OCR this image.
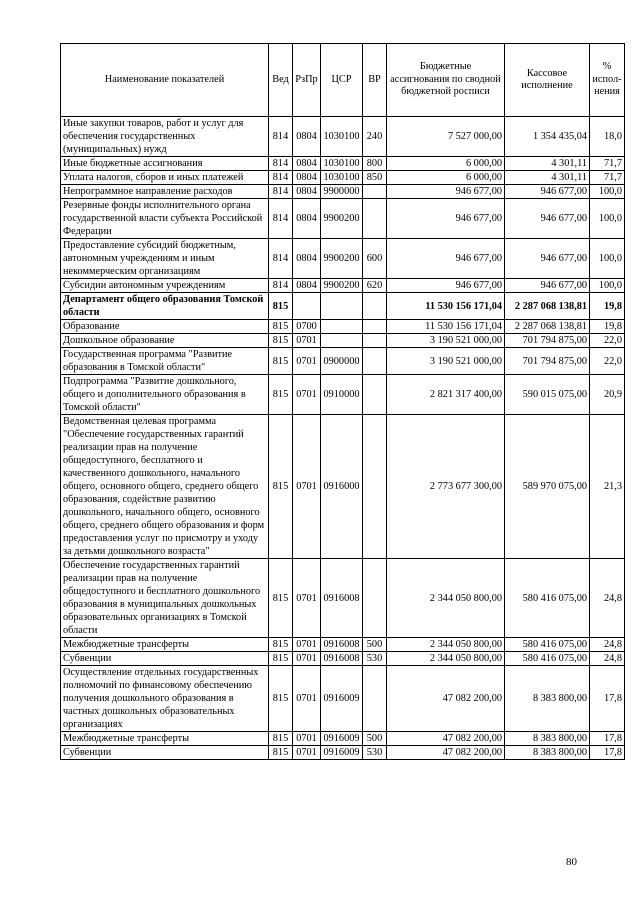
Наименование показателей	Вед	РзПр	ЦСР	ВР	Бюджетные ассигнования по сводной бюджетной росписи	Кассовое исполнение	% испол-нения
Иные закупки товаров, работ и услуг для обеспечения государственных (муниципальных) нужд	814	0804	1030100	240	7 527 000,00	1 354 435,04	18,0
Иные бюджетные ассигнования	814	0804	1030100	800	6 000,00	4 301,11	71,7
Уплата налогов, сборов и иных платежей	814	0804	1030100	850	6 000,00	4 301,11	71,7
Непрограммное направление расходов	814	0804	9900000		946 677,00	946 677,00	100,0
Резервные фонды исполнительного органа государственной власти субъекта Российской Федерации	814	0804	9900200		946 677,00	946 677,00	100,0
Предоставление субсидий бюджетным, автономным учреждениям и иным некоммерческим организациям	814	0804	9900200	600	946 677,00	946 677,00	100,0
Субсидии автономным учреждениям	814	0804	9900200	620	946 677,00	946 677,00	100,0
Департамент общего образования Томской области	815				11 530 156 171,04	2 287 068 138,81	19,8
Образование	815	0700			11 530 156 171,04	2 287 068 138,81	19,8
Дошкольное образование	815	0701			3 190 521 000,00	701 794 875,00	22,0
Государственная программа "Развитие образования в Томской области"	815	0701	0900000		3 190 521 000,00	701 794 875,00	22,0
Подпрограмма "Развитие дошкольного, общего и дополнительного образования в Томской области"	815	0701	0910000		2 821 317 400,00	590 015 075,00	20,9
Ведомственная целевая программа "Обеспечение государственных гарантий реализации прав на получение общедоступного, бесплатного и качественного дошкольного, начального общего, основного общего, среднего общего образования, содействие развитию дошкольного, начального общего, основного общего, среднего общего образования и форм предоставления услуг по присмотру и уходу за детьми дошкольного возраста"	815	0701	0916000		2 773 677 300,00	589 970 075,00	21,3
Обеспечение государственных гарантий реализации прав на получение общедоступного и бесплатного дошкольного образования в муниципальных дошкольных образовательных организациях в Томской области	815	0701	0916008		2 344 050 800,00	580 416 075,00	24,8
Межбюджетные трансферты	815	0701	0916008	500	2 344 050 800,00	580 416 075,00	24,8
Субвенции	815	0701	0916008	530	2 344 050 800,00	580 416 075,00	24,8
Осуществление отдельных государственных полномочий по финансовому обеспечению получения дошкольного образования в частных дошкольных образовательных организациях	815	0701	0916009		47 082 200,00	8 383 800,00	17,8
Межбюджетные трансферты	815	0701	0916009	500	47 082 200,00	8 383 800,00	17,8
Субвенции	815	0701	0916009	530	47 082 200,00	8 383 800,00	17,8
80
